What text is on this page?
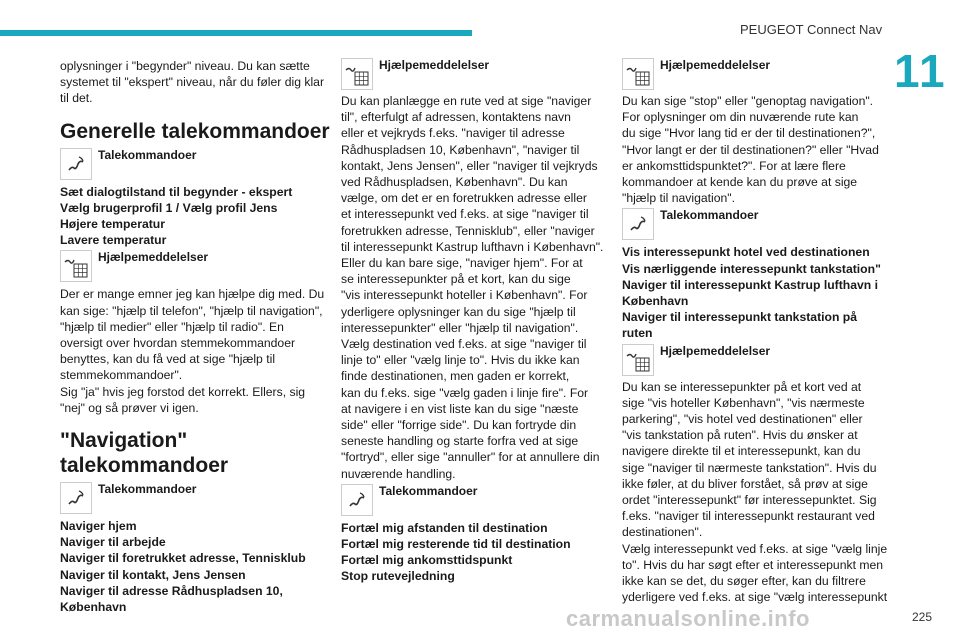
PEUGEOT Connect Nav
11
oplysninger i "begynder" niveau. Du kan sætte
systemet til "ekspert" niveau, når du føler dig klar
til det.
Generelle talekommandoer
Talekommandoer
Sæt dialogtilstand til begynder - ekspert
Vælg brugerprofil 1 / Vælg profil Jens
Højere temperatur
Lavere temperatur
Hjælpemeddelelser
Der er mange emner jeg kan hjælpe dig med. Du
kan sige: "hjælp til telefon", "hjælp til navigation",
"hjælp til medier" eller "hjælp til radio". En
oversigt over hvordan stemmekommandoer
benyttes, kan du få ved at sige "hjælp til
stemmekommandoer".
Sig "ja" hvis jeg forstod det korrekt. Ellers, sig
"nej" og så prøver vi igen.
"Navigation"
talekommandoer
Talekommandoer
Naviger hjem
Naviger til arbejde
Naviger til foretrukket adresse, Tennisklub
Naviger til kontakt, Jens Jensen
Naviger til adresse Rådhuspladsen 10,
København
Hjælpemeddelelser
Du kan planlægge en rute ved at sige "naviger
til", efterfulgt af adressen, kontaktens navn
eller et vejkryds f.eks. "naviger til adresse
Rådhuspladsen 10, København", "naviger til
kontakt, Jens Jensen", eller "naviger til vejkryds
ved Rådhuspladsen, København". Du kan
vælge, om det er en foretrukken adresse eller
et interessepunkt ved f.eks. at sige "naviger til
foretrukken adresse, Tennisklub", eller "naviger
til interessepunkt Kastrup lufthavn i København".
Eller du kan bare sige, "naviger hjem". For at
se interessepunkter på et kort, kan du sige
"vis interessepunkt hoteller i København". For
yderligere oplysninger kan du sige "hjælp til
interessepunkter" eller "hjælp til navigation".
Vælg destination ved f.eks. at sige "naviger til
linje to" eller "vælg linje to". Hvis du ikke kan
finde destinationen, men gaden er korrekt,
kan du f.eks. sige "vælg gaden i linje fire". For
at navigere i en vist liste kan du sige "næste
side" eller "forrige side". Du kan fortryde din
seneste handling og starte forfra ved at sige
"fortryd", eller sige "annuller" for at annullere din
nuværende handling.
Talekommandoer
Fortæl mig afstanden til destination
Fortæl mig resterende tid til destination
Fortæl mig ankomsttidspunkt
Stop rutevejledning
Hjælpemeddelelser
Du kan sige "stop" eller "genoptag navigation".
For oplysninger om din nuværende rute kan
du sige "Hvor lang tid er der til destinationen?",
"Hvor langt er der til destinationen?" eller "Hvad
er ankomsttidspunktet?". For at lære flere
kommandoer at kende kan du prøve at sige
"hjælp til navigation".
Talekommandoer
Vis interessepunkt hotel ved destinationen
Vis nærliggende interessepunkt tankstation"
Naviger til interessepunkt Kastrup lufthavn i
København
Naviger til interessepunkt tankstation på
ruten
Hjælpemeddelelser
Du kan se interessepunkter på et kort ved at
sige "vis hoteller København", "vis nærmeste
parkering", "vis hotel ved destinationen" eller
"vis tankstation på ruten". Hvis du ønsker at
navigere direkte til et interessepunkt, kan du
sige "naviger til nærmeste tankstation". Hvis du
ikke føler, at du bliver forstået, så prøv at sige
ordet "interessepunkt" før interessepunktet. Sig
f.eks. "naviger til interessepunkt restaurant ved
destinationen".
Vælg interessepunkt ved f.eks. at sige "vælg linje
to". Hvis du har søgt efter et interessepunkt men
ikke kan se det, du søger efter, kan du filtrere
yderligere ved f.eks. at sige "vælg interessepunkt
carmanualsonline.info	225
